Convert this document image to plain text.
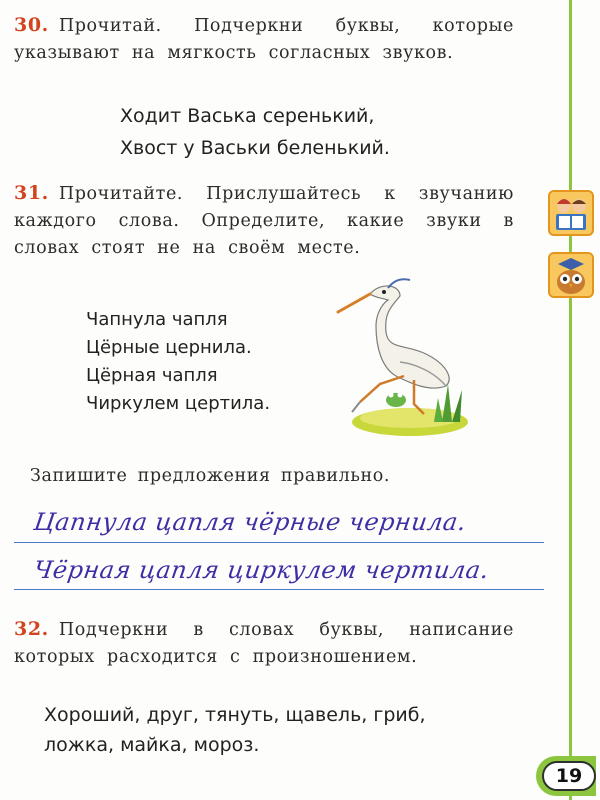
30. Прочитай. Подчеркни буквы, которые указывают на мягкость согласных звуков.
Ходит Васька серенький,
Хвост у Васьки беленький.
31. Прочитайте. Прислушайтесь к звучанию каждого слова. Определите, какие звуки в словах стоят не на своём месте.
Чапнула чапля
Цёрные цернила.
Цёрная чапля
Чиркулем цертила.
Запишите предложения правильно.
Цапнула цапля чёрные чернила.
Чёрная цапля циркулем чертила.
32. Подчеркни в словах буквы, написание которых расходится с произношением.
Хороший, друг, тянуть, щавель, гриб,
ложка, майка, мороз.
19
